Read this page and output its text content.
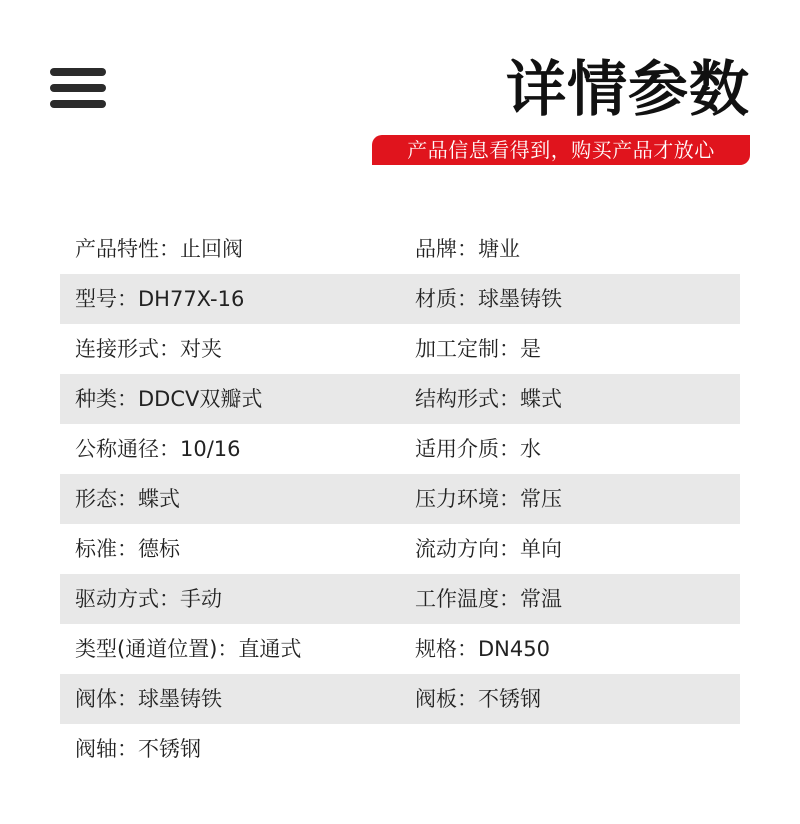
详情参数
产品信息看得到，购买产品才放心
产品特性：止回阀	品牌：塘业
型号：DH77X-16	材质：球墨铸铁
连接形式：对夹	加工定制：是
种类：DDCV双瓣式	结构形式：蝶式
公称通径：10/16	适用介质：水
形态：蝶式	压力环境：常压
标准：德标	流动方向：单向
驱动方式：手动	工作温度：常温
类型(通道位置)：直通式	规格：DN450
阀体：球墨铸铁	阀板：不锈钢
阀轴：不锈钢
